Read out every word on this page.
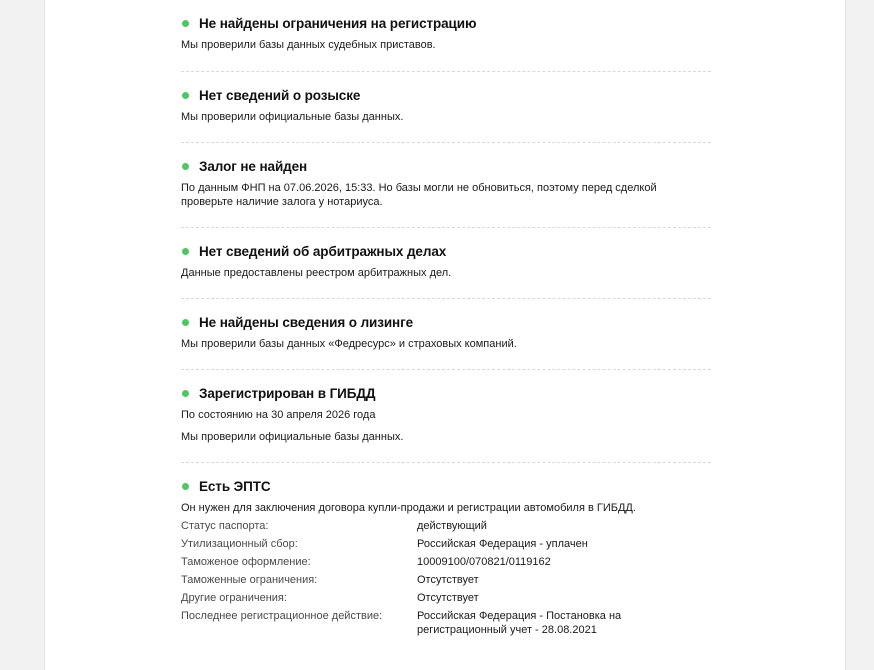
Не найдены ограничения на регистрацию
Мы проверили базы данных судебных приставов.
Нет сведений о розыске
Мы проверили официальные базы данных.
Залог не найден
По данным ФНП на 07.06.2026, 15:33. Но базы могли не обновиться, поэтому перед сделкой проверьте наличие залога у нотариуса.
Нет сведений об арбитражных делах
Данные предоставлены реестром арбитражных дел.
Не найдены сведения о лизинге
Мы проверили базы данных «Федресурс» и страховых компаний.
Зарегистрирован в ГИБДД
По состоянию на 30 апреля 2026 года
Мы проверили официальные базы данных.
Есть ЭПТС
Он нужен для заключения договора купли-продажи и регистрации автомобиля в ГИБДД.
Статус паспорта:	действующий
Утилизационный сбор:	Российская Федерация - уплачен
Таможеное оформление:	10009100/070821/0119162
Таможенные ограничения:	Отсутствует
Другие ограничения:	Отсутствует
Последнее регистрационное действие:	Российская Федерация - Постановка на регистрационный учет - 28.08.2021
